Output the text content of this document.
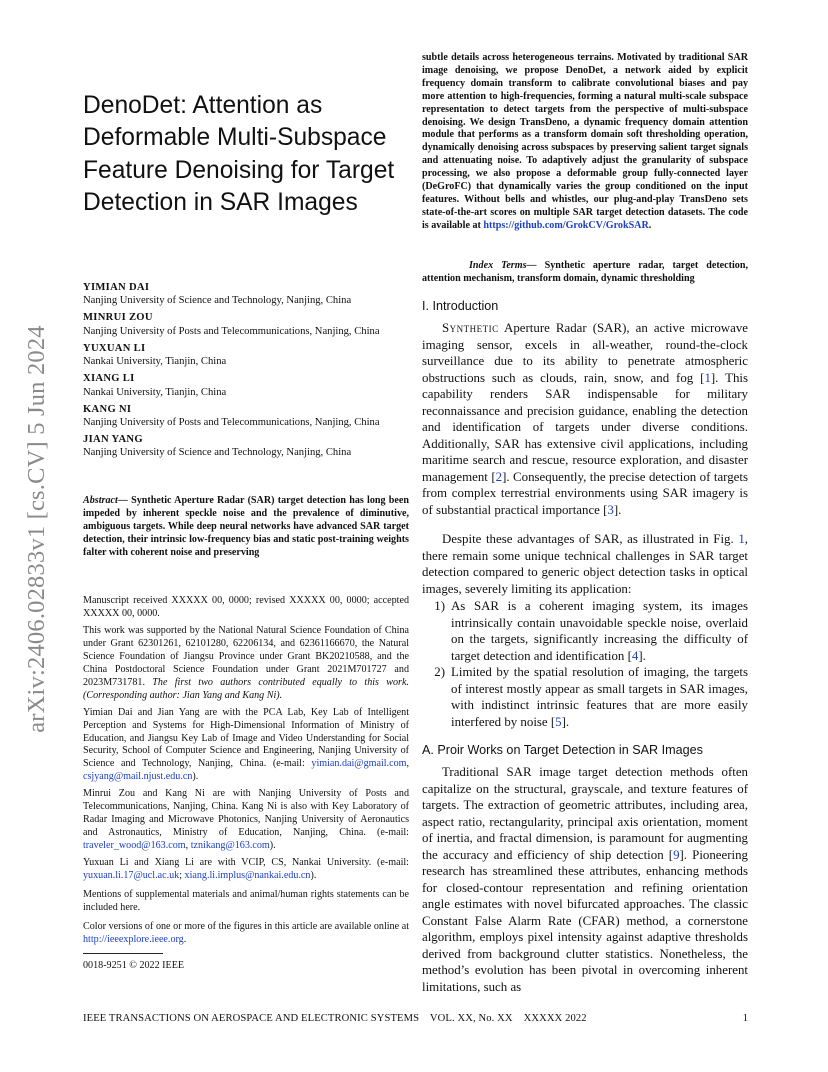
arXiv:2406.02833v1 [cs.CV] 5 Jun 2024
DenoDet: Attention as Deformable Multi-Subspace Feature Denoising for Target Detection in SAR Images
YIMIAN DAI
Nanjing University of Science and Technology, Nanjing, China
MINRUI ZOU
Nanjing University of Posts and Telecommunications, Nanjing, China
YUXUAN LI
Nankai University, Tianjin, China
XIANG LI
Nankai University, Tianjin, China
KANG NI
Nanjing University of Posts and Telecommunications, Nanjing, China
JIAN YANG
Nanjing University of Science and Technology, Nanjing, China
Abstract— Synthetic Aperture Radar (SAR) target detection has long been impeded by inherent speckle noise and the prevalence of diminutive, ambiguous targets. While deep neural networks have advanced SAR target detection, their intrinsic low-frequency bias and static post-training weights falter with coherent noise and preserving

Manuscript received XXXXX 00, 0000; revised XXXXX 00, 0000; accepted XXXXX 00, 0000.

This work was supported by the National Natural Science Foundation of China under Grant 62301261, 62101280, 62206134, and 62361166670, the Natural Science Foundation of Jiangsu Province under Grant BK20210588, and the China Postdoctoral Science Foundation under Grant 2021M701727 and 2023M731781. The first two authors contributed equally to this work. (Corresponding author: Jian Yang and Kang Ni).

Yimian Dai and Jian Yang are with the PCA Lab, Key Lab of Intelligent Perception and Systems for High-Dimensional Information of Ministry of Education, and Jiangsu Key Lab of Image and Video Understanding for Social Security, School of Computer Science and Engineering, Nanjing University of Science and Technology, Nanjing, China. (e-mail: yimian.dai@gmail.com, csjyang@mail.njust.edu.cn).

Minrui Zou and Kang Ni are with Nanjing University of Posts and Telecommunications, Nanjing, China. Kang Ni is also with Key Laboratory of Radar Imaging and Microwave Photonics, Nanjing University of Aeronautics and Astronautics, Ministry of Education, Nanjing, China. (e-mail: traveler_wood@163.com, tznikang@163.com).

Yuxuan Li and Xiang Li are with VCIP, CS, Nankai University. (e-mail: yuxuan.li.17@ucl.ac.uk; xiang.li.implus@nankai.edu.cn).

Mentions of supplemental materials and animal/human rights statements can be included here.

Color versions of one or more of the figures in this article are available online at http://ieeexplore.ieee.org.

0018-9251 © 2022 IEEE

subtle details across heterogeneous terrains. Motivated by traditional SAR image denoising, we propose DenoDet, a network aided by explicit frequency domain transform to calibrate convolutional biases and pay more attention to high-frequencies, forming a natural multi-scale subspace representation to detect targets from the perspective of multi-subspace denoising. We design TransDeno, a dynamic frequency domain attention module that performs as a transform domain soft thresholding operation, dynamically denoising across subspaces by preserving salient target signals and attenuating noise. To adaptively adjust the granularity of subspace processing, we also propose a deformable group fully-connected layer (DeGroFC) that dynamically varies the group conditioned on the input features. Without bells and whistles, our plug-and-play TransDeno sets state-of-the-art scores on multiple SAR target detection datasets. The code is available at https://github.com/GrokCV/GrokSAR.
Index Terms— Synthetic aperture radar, target detection, attention mechanism, transform domain, dynamic thresholding
I. Introduction
Synthetic Aperture Radar (SAR), an active microwave imaging sensor, excels in all-weather, round-the-clock surveillance due to its ability to penetrate atmospheric obstructions such as clouds, rain, snow, and fog [1]. This capability renders SAR indispensable for military reconnaissance and precision guidance, enabling the detection and identification of targets under diverse conditions. Additionally, SAR has extensive civil applications, including maritime search and rescue, resource exploration, and disaster management [2]. Consequently, the precise detection of targets from complex terrestrial environments using SAR imagery is of substantial practical importance [3].
Despite these advantages of SAR, as illustrated in Fig. 1, there remain some unique technical challenges in SAR target detection compared to generic object detection tasks in optical images, severely limiting its application:
1) As SAR is a coherent imaging system, its images intrinsically contain unavoidable speckle noise, overlaid on the targets, significantly increasing the difficulty of target detection and identification [4].
2) Limited by the spatial resolution of imaging, the targets of interest mostly appear as small targets in SAR images, with indistinct intrinsic features that are more easily interfered by noise [5].
A. Proir Works on Target Detection in SAR Images
Traditional SAR image target detection methods often capitalize on the structural, grayscale, and texture features of targets. The extraction of geometric attributes, including area, aspect ratio, rectangularity, principal axis orientation, moment of inertia, and fractal dimension, is paramount for augmenting the accuracy and efficiency of ship detection [9]. Pioneering research has streamlined these attributes, enhancing methods for closed-contour representation and refining orientation angle estimates with novel bifurcated approaches. The classic Constant False Alarm Rate (CFAR) method, a cornerstone algorithm, employs pixel intensity against adaptive thresholds derived from background clutter statistics. Nonetheless, the method’s evolution has been pivotal in overcoming inherent limitations, such as
IEEE TRANSACTIONS ON AEROSPACE AND ELECTRONIC SYSTEMS    VOL. XX, No. XX    XXXXX 2022	1
